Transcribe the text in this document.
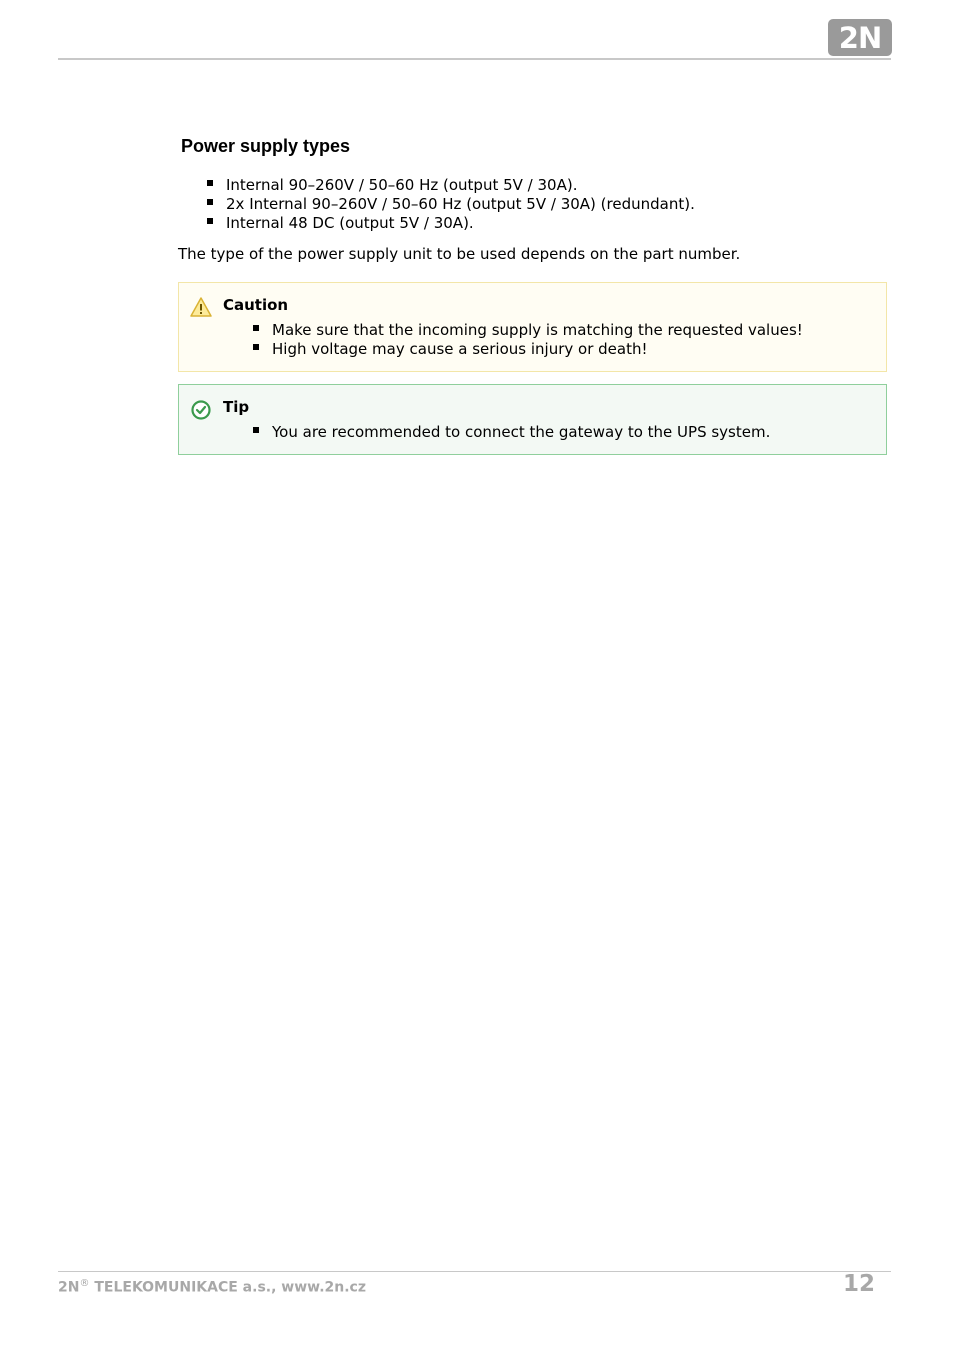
2N
Power supply types
Internal 90–260V / 50–60 Hz (output 5V / 30A).
2x Internal 90–260V / 50–60 Hz (output 5V / 30A) (redundant).
Internal 48 DC (output 5V / 30A).
The type of the power supply unit to be used depends on the part number.
Caution
Make sure that the incoming supply is matching the requested values!
High voltage may cause a serious injury or death!
Tip
You are recommended to connect the gateway to the UPS system.
2N® TELEKOMUNIKACE a.s., www.2n.cz	12
